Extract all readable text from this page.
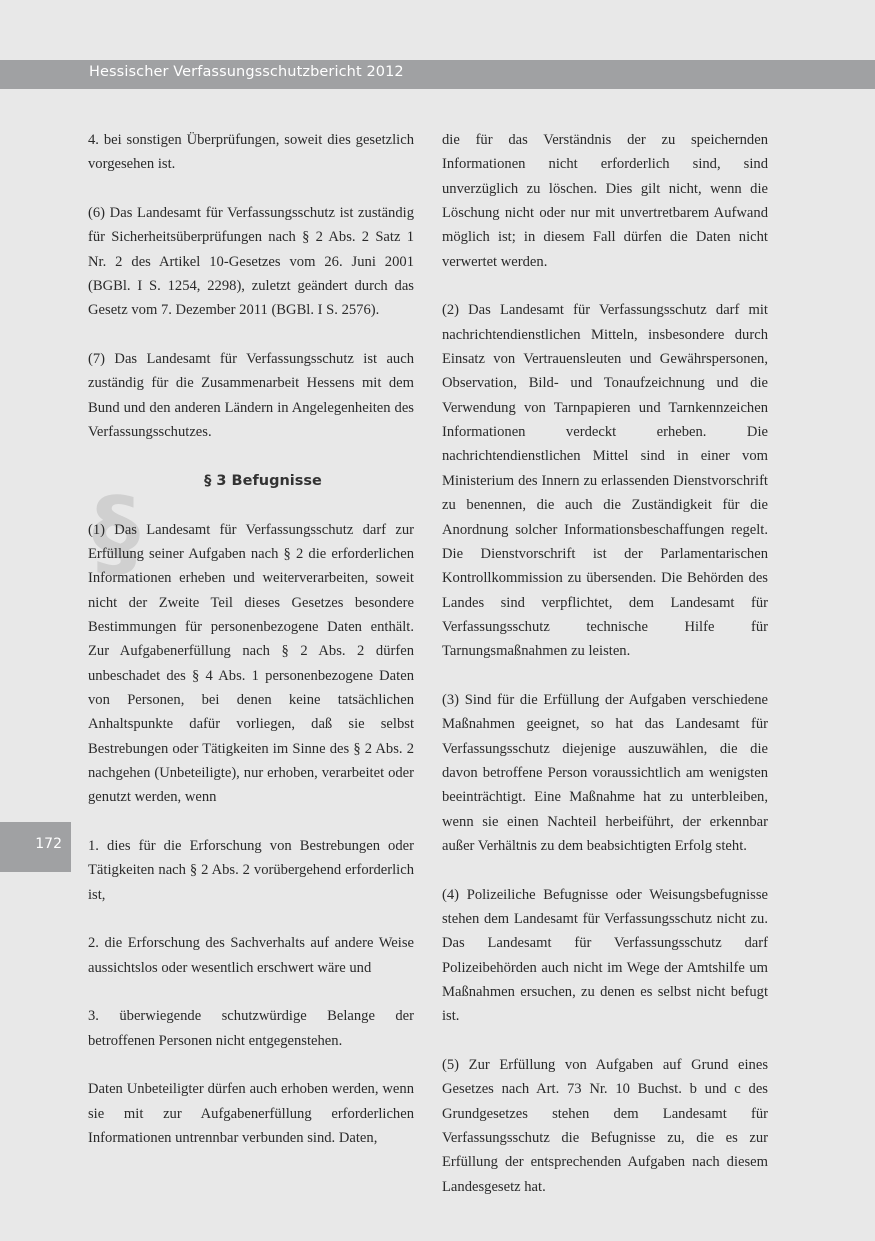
Hessischer Verfassungsschutzbericht 2012
172
§

4. bei sonstigen Überprüfungen, soweit dies gesetzlich vorgesehen ist.

(6) Das Landesamt für Verfassungsschutz ist zuständig für Sicherheitsüberprüfungen nach § 2 Abs. 2 Satz 1 Nr. 2 des Artikel 10-Gesetzes vom 26. Juni 2001 (BGBl. I S. 1254, 2298), zuletzt geändert durch das Gesetz vom 7. Dezember 2011 (BGBl. I S. 2576).

(7) Das Landesamt für Verfassungsschutz ist auch zuständig für die Zusammenarbeit Hessens mit dem Bund und den anderen Ländern in Angelegenheiten des Verfassungsschutzes.

§ 3 Befugnisse

(1) Das Landesamt für Verfassungsschutz darf zur Erfüllung seiner Aufgaben nach § 2 die erforderlichen Informationen erheben und weiterverarbeiten, soweit nicht der Zweite Teil dieses Gesetzes besondere Bestimmungen für personenbezogene Daten enthält. Zur Aufgabenerfüllung nach § 2 Abs. 2 dürfen unbeschadet des § 4 Abs. 1 personenbezogene Daten von Personen, bei denen keine tatsächlichen Anhaltspunkte dafür vorliegen, daß sie selbst Bestrebungen oder Tätigkeiten im Sinne des § 2 Abs. 2 nachgehen (Unbeteiligte), nur erhoben, verarbeitet oder genutzt werden, wenn

1. dies für die Erforschung von Bestrebungen oder Tätigkeiten nach § 2 Abs. 2 vorübergehend erforderlich ist,

2. die Erforschung des Sachverhalts auf andere Weise aussichtslos oder wesentlich erschwert wäre und

3. überwiegende schutzwürdige Belange der betroffenen Personen nicht entgegenstehen.

Daten Unbeteiligter dürfen auch erhoben werden, wenn sie mit zur Aufgabenerfüllung erforderlichen Informationen untrennbar verbunden sind. Daten,

die für das Verständnis der zu speichernden Informationen nicht erforderlich sind, sind unverzüglich zu löschen. Dies gilt nicht, wenn die Löschung nicht oder nur mit unvertretbarem Aufwand möglich ist; in diesem Fall dürfen die Daten nicht verwertet werden.

(2) Das Landesamt für Verfassungsschutz darf mit nachrichtendienstlichen Mitteln, insbesondere durch Einsatz von Vertrauensleuten und Gewährspersonen, Observation, Bild- und Tonaufzeichnung und die Verwendung von Tarnpapieren und Tarnkennzeichen Informationen verdeckt erheben. Die nachrichtendienstlichen Mittel sind in einer vom Ministerium des Innern zu erlassenden Dienstvorschrift zu benennen, die auch die Zuständigkeit für die Anordnung solcher Informationsbeschaffungen regelt. Die Dienstvorschrift ist der Parlamentarischen Kontrollkommission zu übersenden. Die Behörden des Landes sind verpflichtet, dem Landesamt für Verfassungsschutz technische Hilfe für Tarnungsmaßnahmen zu leisten.

(3) Sind für die Erfüllung der Aufgaben verschiedene Maßnahmen geeignet, so hat das Landesamt für Verfassungsschutz diejenige auszuwählen, die die davon betroffene Person voraussichtlich am wenigsten beeinträchtigt. Eine Maßnahme hat zu unterbleiben, wenn sie einen Nachteil herbeiführt, der erkennbar außer Verhältnis zu dem beabsichtigten Erfolg steht.

(4) Polizeiliche Befugnisse oder Weisungsbefugnisse stehen dem Landesamt für Verfassungsschutz nicht zu. Das Landesamt für Verfassungsschutz darf Polizeibehörden auch nicht im Wege der Amtshilfe um Maßnahmen ersuchen, zu denen es selbst nicht befugt ist.

(5) Zur Erfüllung von Aufgaben auf Grund eines Gesetzes nach Art. 73 Nr. 10 Buchst. b und c des Grundgesetzes stehen dem Landesamt für Verfassungsschutz die Befugnisse zu, die es zur Erfüllung der entsprechenden Aufgaben nach diesem Landesgesetz hat.
